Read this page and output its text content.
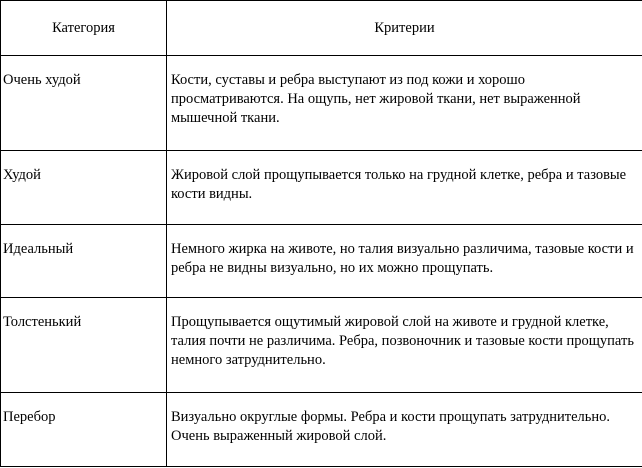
Категория	Критерии
Очень худой	Кости, суставы и ребра выступают из под кожи и хорошо просматриваются. На ощупь, нет жировой ткани, нет выраженной мышечной ткани.
Худой	Жировой слой прощупывается только на грудной клетке, ребра и тазовые кости видны.
Идеальный	Немного жирка на животе, но талия визуально различима, тазовые кости и ребра не видны визуально, но их можно прощупать.
Толстенький	Прощупывается ощутимый жировой слой на животе и грудной клетке, талия почти не различима. Ребра, позвоночник и тазовые кости прощупать немного затруднительно.
Перебор	Визуально округлые формы. Ребра и кости прощупать затруднительно. Очень выраженный жировой слой.
